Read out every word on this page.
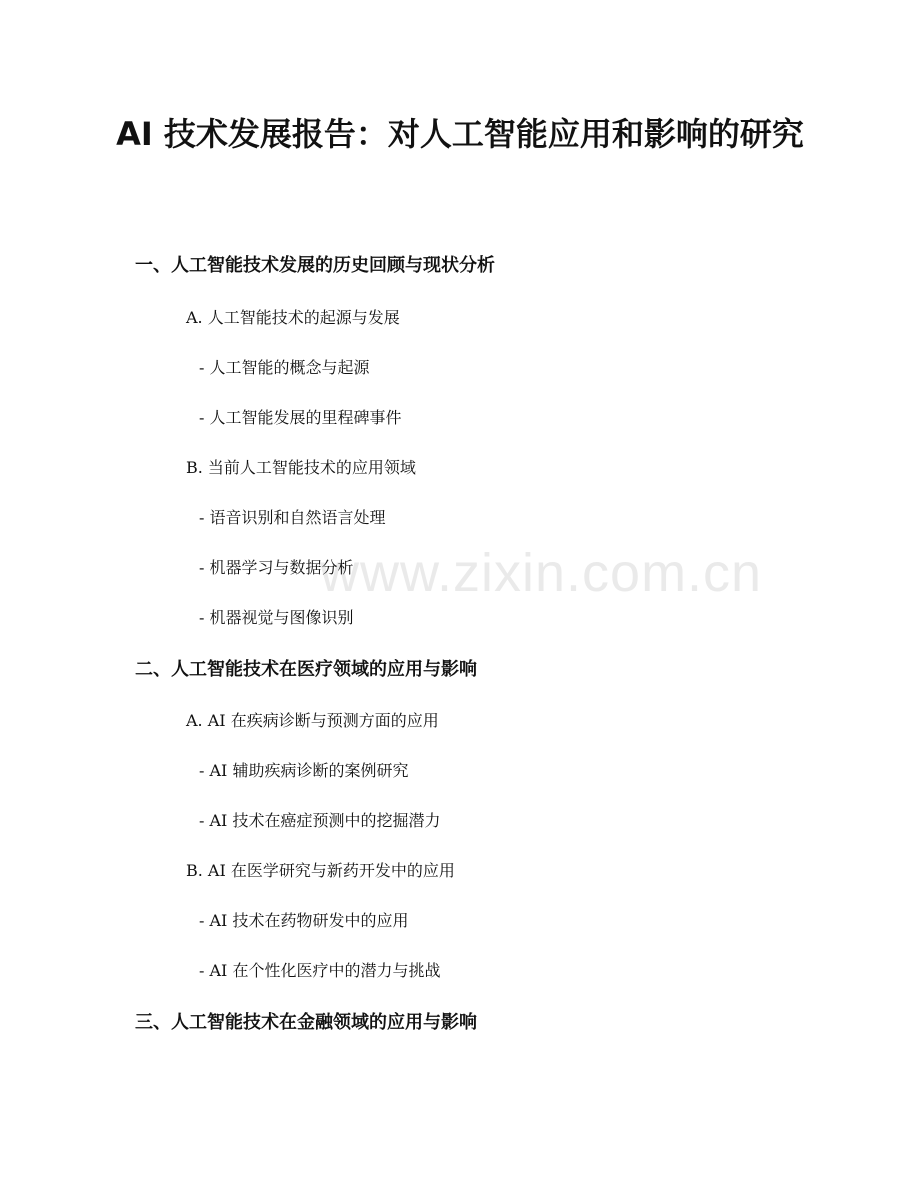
AI 技术发展报告：对人工智能应用和影响的研究
www.zixin.com.cn
一、人工智能技术发展的历史回顾与现状分析
A. 人工智能技术的起源与发展
- 人工智能的概念与起源
- 人工智能发展的里程碑事件
B. 当前人工智能技术的应用领域
- 语音识别和自然语言处理
- 机器学习与数据分析
- 机器视觉与图像识别
二、人工智能技术在医疗领域的应用与影响
A. AI 在疾病诊断与预测方面的应用
- AI 辅助疾病诊断的案例研究
- AI 技术在癌症预测中的挖掘潜力
B. AI 在医学研究与新药开发中的应用
- AI 技术在药物研发中的应用
- AI 在个性化医疗中的潜力与挑战
三、人工智能技术在金融领域的应用与影响
